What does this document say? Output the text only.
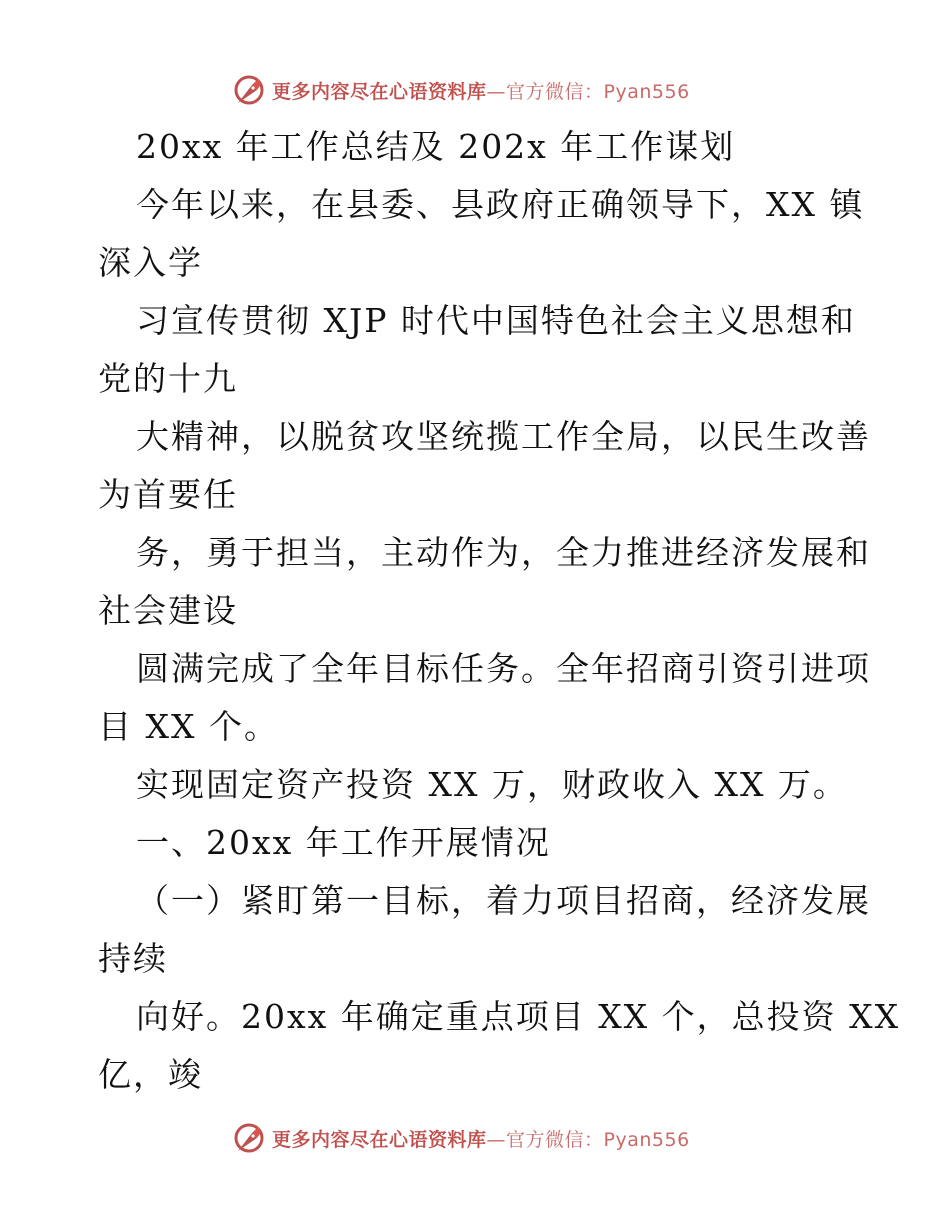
更多内容尽在心语资料库—官方微信：Pyan556
20xx 年工作总结及 202x 年工作谋划
今年以来，在县委、县政府正确领导下，XX 镇
深入学
习宣传贯彻 XJP 时代中国特色社会主义思想和
党的十九
大精神，以脱贫攻坚统揽工作全局，以民生改善
为首要任
务，勇于担当，主动作为，全力推进经济发展和
社会建设
圆满完成了全年目标任务。全年招商引资引进项
目 XX 个。
实现固定资产投资 XX 万，财政收入 XX 万。
一、20xx 年工作开展情况
（一）紧盯第一目标，着力项目招商，经济发展
持续
向好。20xx 年确定重点项目 XX 个，总投资 XX
亿，竣
更多内容尽在心语资料库—官方微信：Pyan556
